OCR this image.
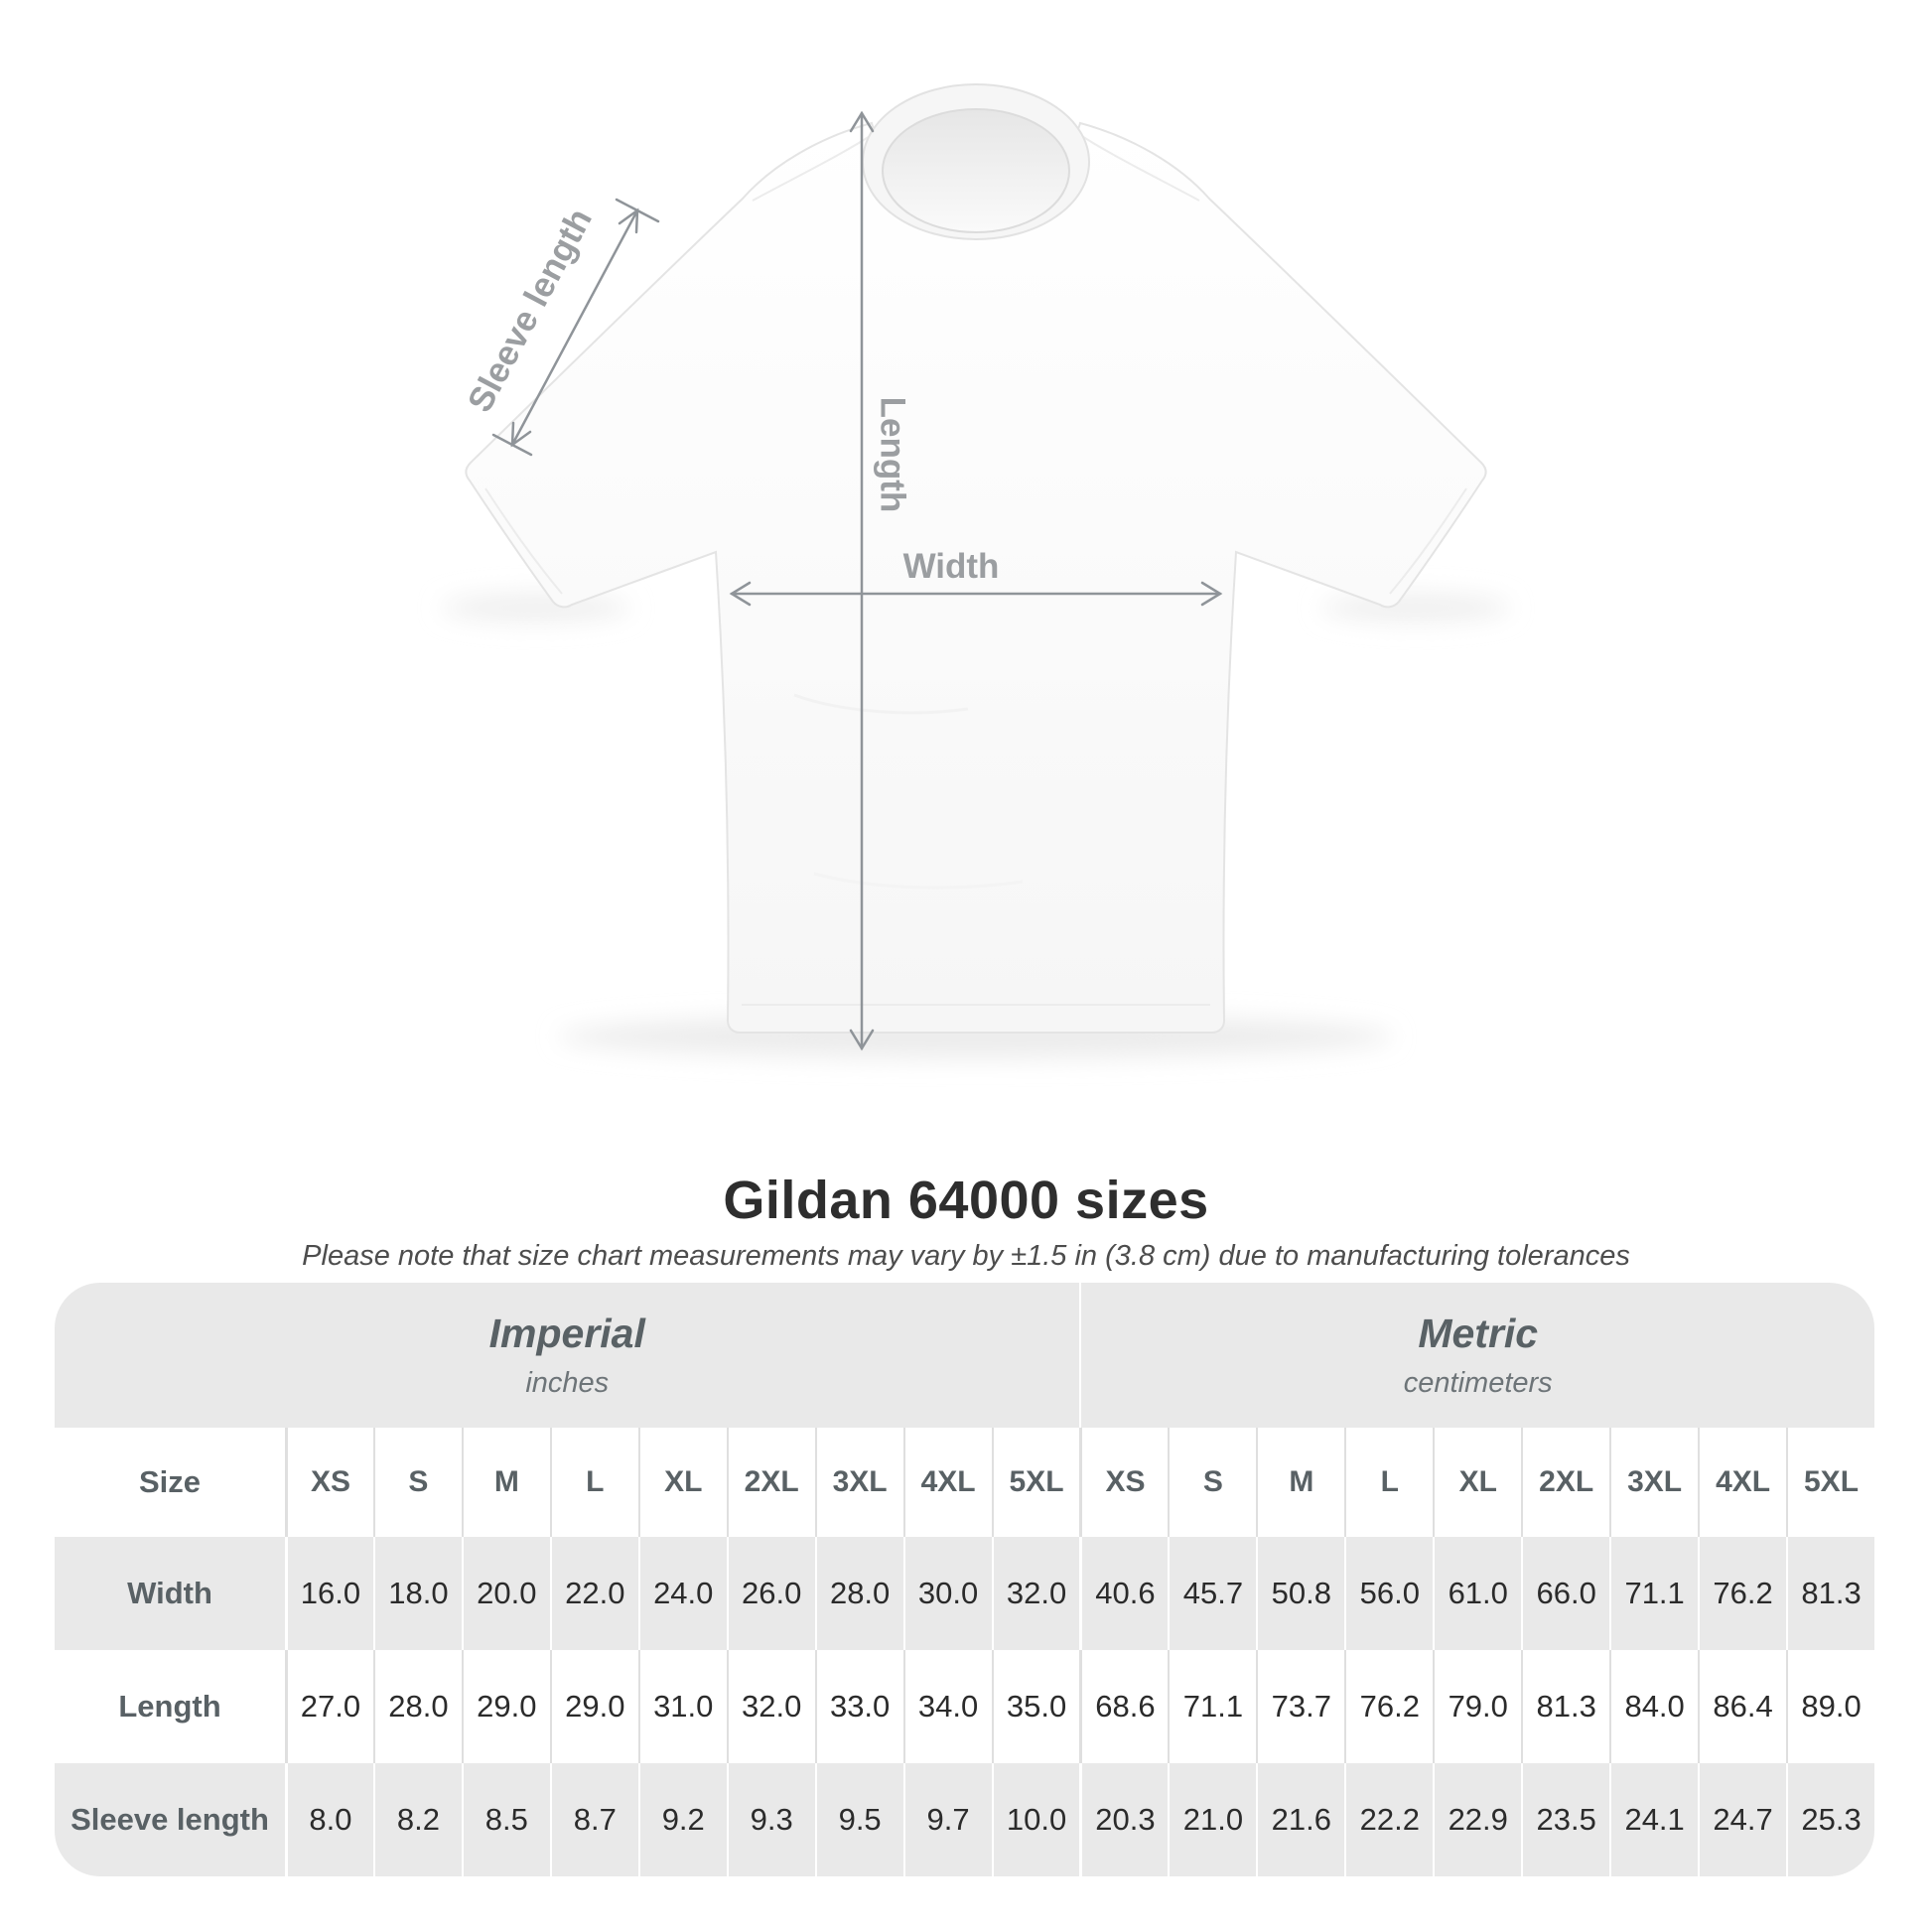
Sleeve length
Length
Width
Gildan 64000 sizes
Please note that size chart measurements may vary by ±1.5 in (3.8 cm) due to manufacturing tolerances
Imperial
inches
Metric
centimeters
Size	XS	S	M	L	XL	2XL	3XL	4XL	5XL	XS	S	M	L	XL	2XL	3XL	4XL	5XL
Width	16.0 18.0 20.0 22.0 24.0 26.0 28.0 30.0 32.0 40.6 45.7 50.8 56.0 61.0 66.0 71.1 76.2 81.3
Length	27.0 28.0 29.0 29.0 31.0 32.0 33.0 34.0 35.0 68.6 71.1 73.7 76.2 79.0 81.3 84.0 86.4 89.0
Sleeve length	8.0	8.2	8.5	8.7	9.2	9.3	9.5	9.7	10.0 20.3 21.0 21.6 22.2 22.9 23.5 24.1 24.7 25.3
